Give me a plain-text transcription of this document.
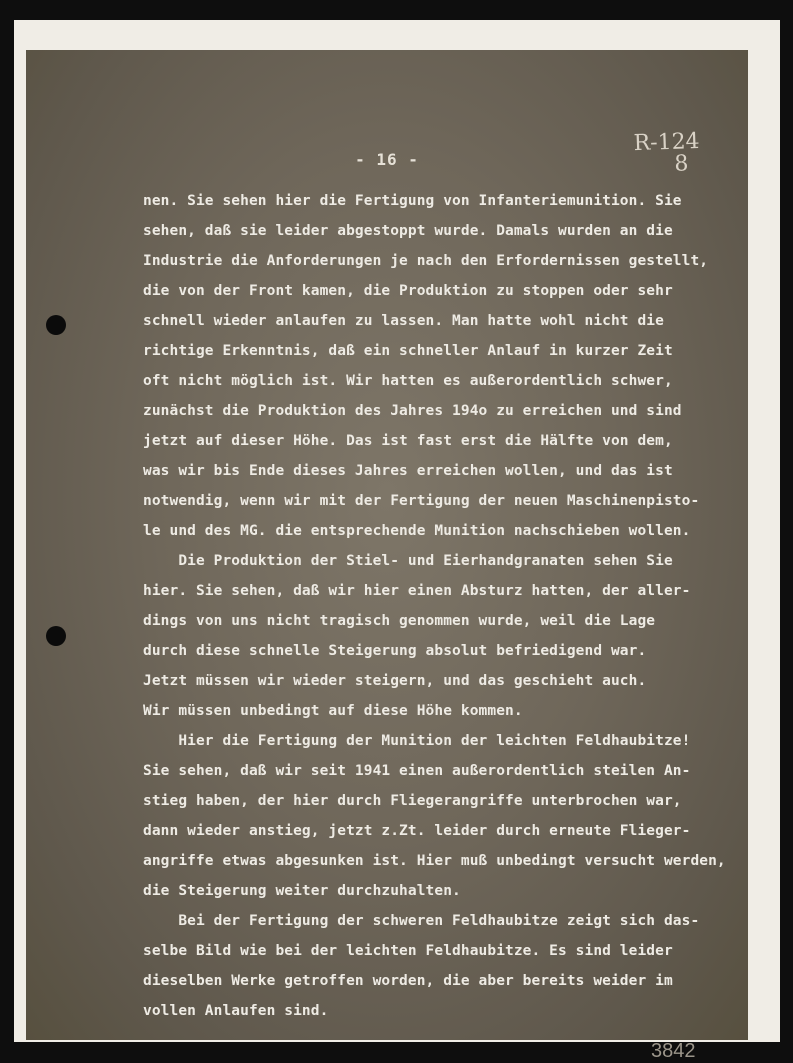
- 16 -
R-124
8
3842
nen. Sie sehen hier die Fertigung von Infanteriemunition. Sie
sehen, daß sie leider abgestoppt wurde. Damals wurden an die
Industrie die Anforderungen je nach den Erfordernissen gestellt,
die von der Front kamen, die Produktion zu stoppen oder sehr
schnell wieder anlaufen zu lassen. Man hatte wohl nicht die
richtige Erkenntnis, daß ein schneller Anlauf in kurzer Zeit
oft nicht möglich ist. Wir hatten es außerordentlich schwer,
zunächst die Produktion des Jahres 194o zu erreichen und sind
jetzt auf dieser Höhe. Das ist fast erst die Hälfte von dem,
was wir bis Ende dieses Jahres erreichen wollen, und das ist
notwendig, wenn wir mit der Fertigung der neuen Maschinenpisto-
le und des MG. die entsprechende Munition nachschieben wollen.
Die Produktion der Stiel- und Eierhandgranaten sehen Sie
hier. Sie sehen, daß wir hier einen Absturz hatten, der aller-
dings von uns nicht tragisch genommen wurde, weil die Lage
durch diese schnelle Steigerung absolut befriedigend war.
Jetzt müssen wir wieder steigern, und das geschieht auch.
Wir müssen unbedingt auf diese Höhe kommen.
Hier die Fertigung der Munition der leichten Feldhaubitze!
Sie sehen, daß wir seit 1941 einen außerordentlich steilen An-
stieg haben, der hier durch Fliegerangriffe unterbrochen war,
dann wieder anstieg, jetzt z.Zt. leider durch erneute Flieger-
angriffe etwas abgesunken ist. Hier muß unbedingt versucht werden,
die Steigerung weiter durchzuhalten.
Bei der Fertigung der schweren Feldhaubitze zeigt sich das-
selbe Bild wie bei der leichten Feldhaubitze. Es sind leider
dieselben Werke getroffen worden, die aber bereits weider im
vollen Anlaufen sind.
